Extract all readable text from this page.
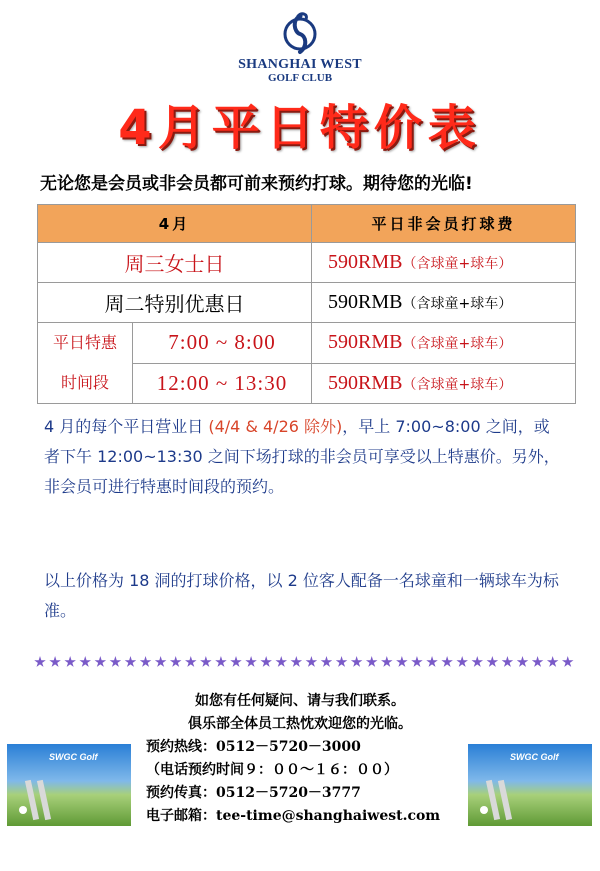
SHANGHAI WEST
GOLF CLUB
4月平日特价表
无论您是会员或非会员都可前来预约打球。期待您的光临!
4月		平日非会员打球费
周三女士日		590RMB（含球童+球车）
周二特别优惠日		590RMB（含球童+球车）

平日特惠
时间段	7:00 ~ 8:00	590RMB（含球童+球车）
	12:00 ~ 13:30	590RMB（含球童+球车）
4 月的每个平日营业日 (4/4 & 4/26 除外)，早上 7:00~8:00 之间，或者下午 12:00~13:30 之间下场打球的非会员可享受以上特惠价。另外，非会员可进行特惠时间段的预约。
以上价格为 18 洞的打球价格，以 2 位客人配备一名球童和一辆球车为标准。
SWGC Golf
如您有任何疑问、请与我们联系。
俱乐部全体员工热忱欢迎您的光临。
预约热线：0512－5720－3000
（电话预约时间９：００～１６：００）
预约传真：0512－5720－3777
电子邮箱：tee-time@shanghaiwest.com
SWGC Golf
